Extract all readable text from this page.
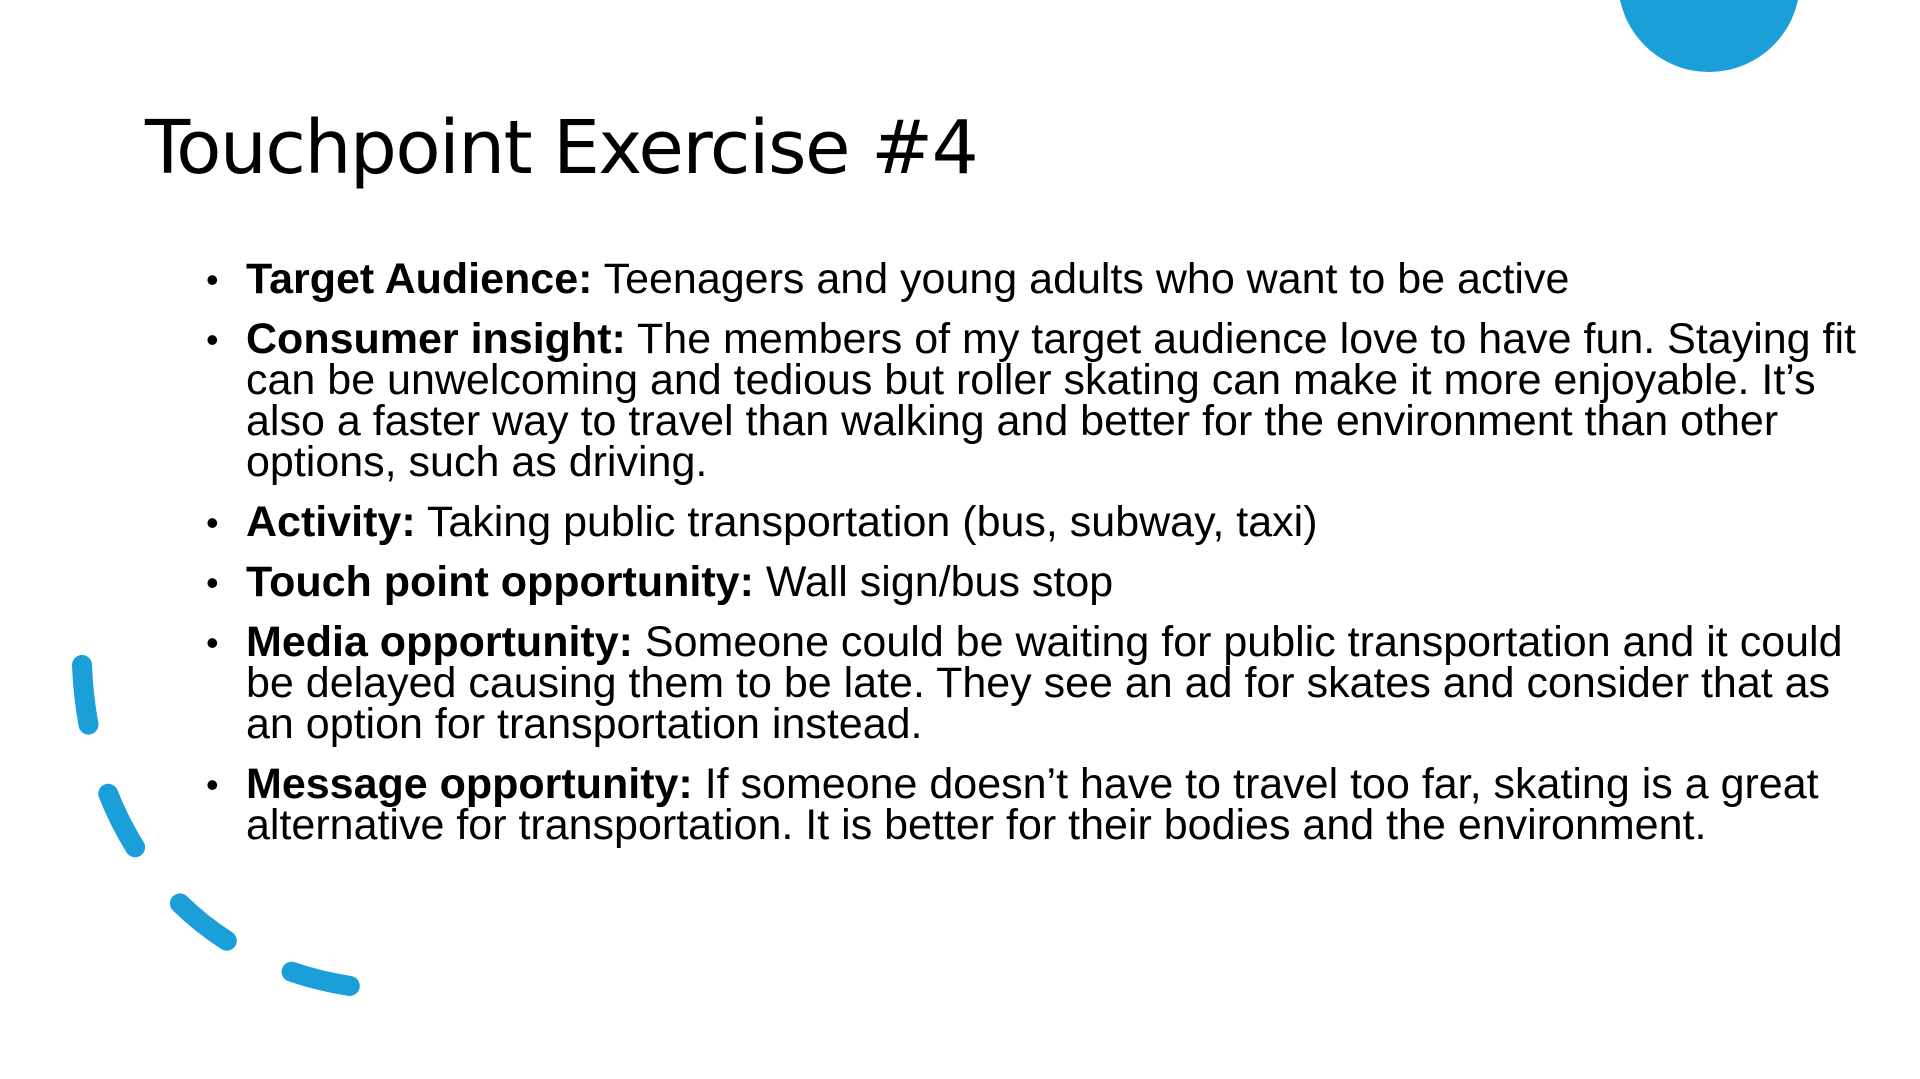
Touchpoint Exercise #4
• Target Audience: Teenagers and young adults who want to be active
• Consumer insight: The members of my target audience love to have fun. Staying fit can be unwelcoming and tedious but roller skating can make it more enjoyable. It’s also a faster way to travel than walking and better for the environment than other options, such as driving.
• Activity: Taking public transportation (bus, subway, taxi)
• Touch point opportunity: Wall sign/bus stop
• Media opportunity: Someone could be waiting for public transportation and it could be delayed causing them to be late. They see an ad for skates and consider that as an option for transportation instead.
• Message opportunity: If someone doesn’t have to travel too far, skating is a great alternative for transportation. It is better for their bodies and the environment.
